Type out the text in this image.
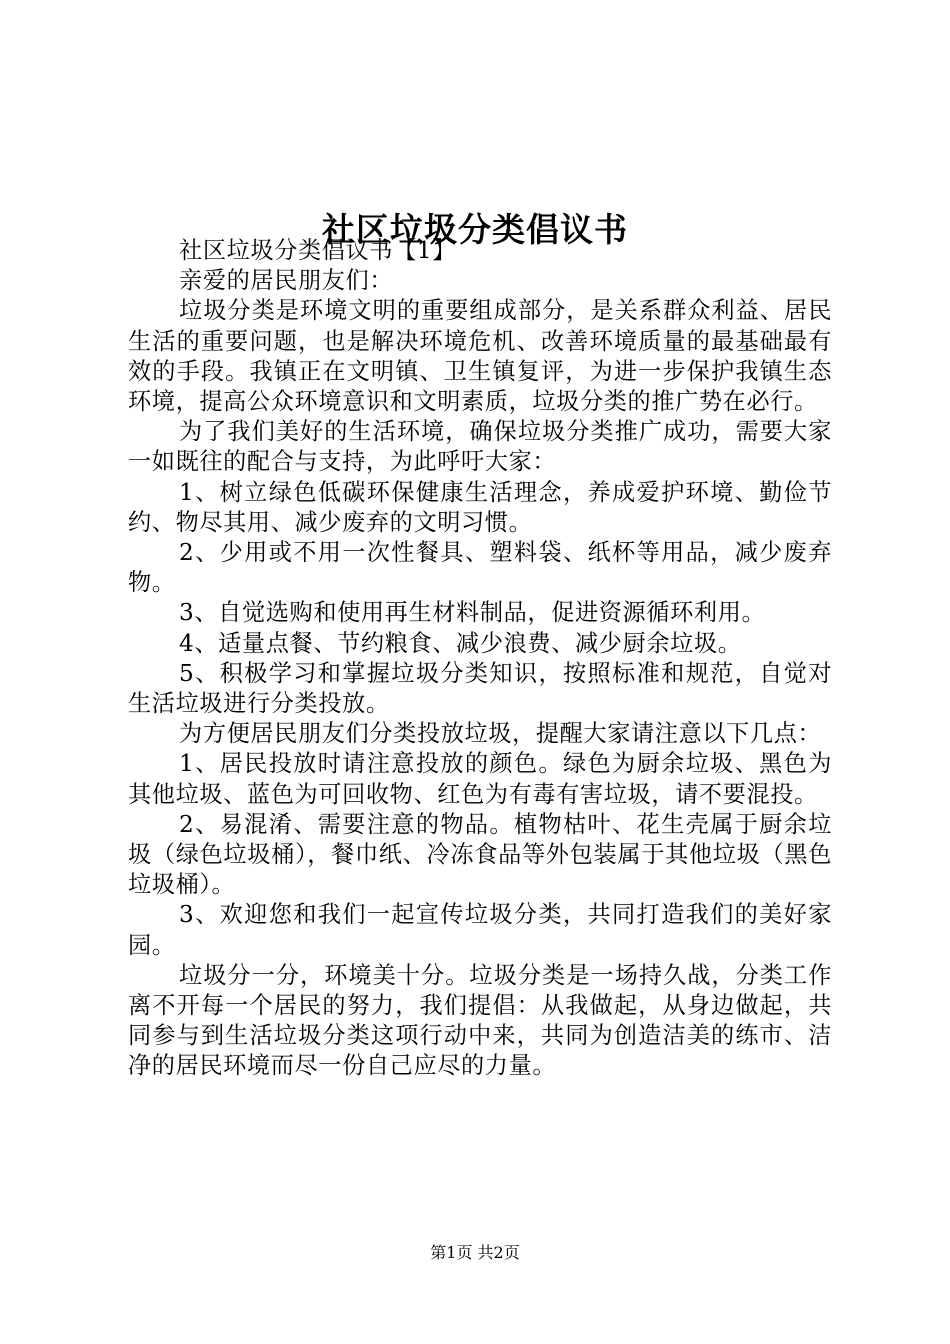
社区垃圾分类倡议书

社区垃圾分类倡议书【1】

亲爱的居民朋友们：

垃圾分类是环境文明的重要组成部分，是关系群众利益、居民生活的重要问题，也是解决环境危机、改善环境质量的最基础最有效的手段。我镇正在文明镇、卫生镇复评，为进一步保护我镇生态环境，提高公众环境意识和文明素质，垃圾分类的推广势在必行。

为了我们美好的生活环境，确保垃圾分类推广成功，需要大家一如既往的配合与支持，为此呼吁大家：

1、树立绿色低碳环保健康生活理念，养成爱护环境、勤俭节约、物尽其用、减少废弃的文明习惯。

2、少用或不用一次性餐具、塑料袋、纸杯等用品，减少废弃物。

3、自觉选购和使用再生材料制品，促进资源循环利用。

4、适量点餐、节约粮食、减少浪费、减少厨余垃圾。

5、积极学习和掌握垃圾分类知识，按照标准和规范，自觉对生活垃圾进行分类投放。

为方便居民朋友们分类投放垃圾，提醒大家请注意以下几点：

1、居民投放时请注意投放的颜色。绿色为厨余垃圾、黑色为其他垃圾、蓝色为可回收物、红色为有毒有害垃圾，请不要混投。

2、易混淆、需要注意的物品。植物枯叶、花生壳属于厨余垃圾（绿色垃圾桶），餐巾纸、冷冻食品等外包装属于其他垃圾（黑色垃圾桶）。

3、欢迎您和我们一起宣传垃圾分类，共同打造我们的美好家园。

垃圾分一分，环境美十分。垃圾分类是一场持久战，分类工作离不开每一个居民的努力，我们提倡：从我做起，从身边做起，共同参与到生活垃圾分类这项行动中来，共同为创造洁美的练市、洁净的居民环境而尽一份自己应尽的力量。

第1页 共2页
